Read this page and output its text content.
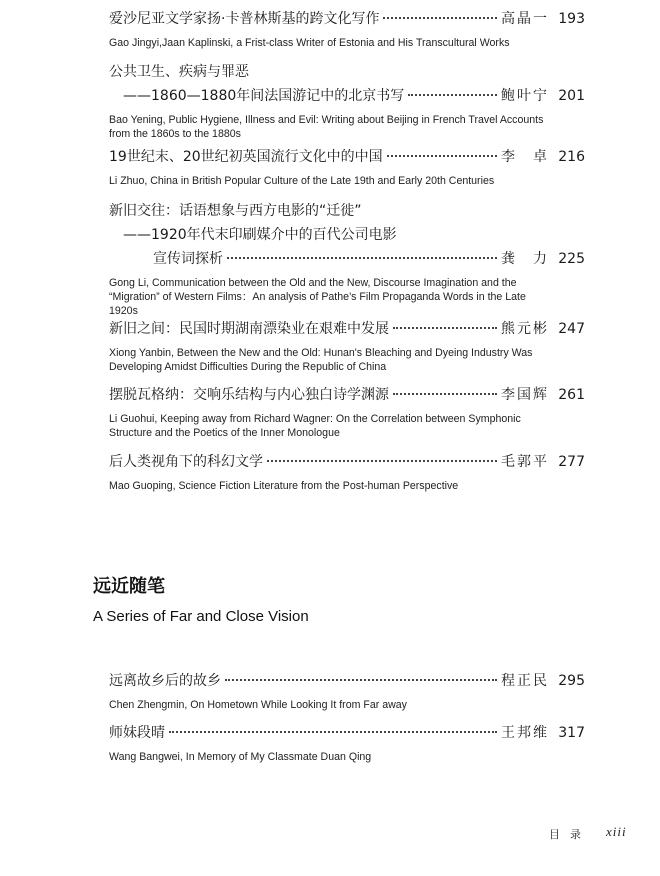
爱沙尼亚文学家扬·卡普林斯基的跨文化写作	高晶一 193
Gao Jingyi,Jaan Kaplinski, a Frist-class Writer of Estonia and His Transcultural Works
公共卫生、疾病与罪恶
——1860—1880年间法国游记中的北京书写	鲍叶宁 201
Bao Yening, Public Hygiene, Illness and Evil: Writing about Beijing in French Travel Accounts from the 1860s to the 1880s
19世纪末、20世纪初英国流行文化中的中国	李 卓 216
Li Zhuo, China in British Popular Culture of the Late 19th and Early 20th Centuries
新旧交往：话语想象与西方电影的“迁徙”
——1920年代末印刷媒介中的百代公司电影
宣传词探析	龚 力 225
Gong Li, Communication between the Old and the New, Discourse Imagination and the “Migration” of Western Films：An analysis of Pathe’s Film Propaganda Words in the Late 1920s
新旧之间：民国时期湖南漂染业在艰难中发展	熊元彬 247
Xiong Yanbin, Between the New and the Old: Hunan's Bleaching and Dyeing Industry Was Developing Amidst Difficulties During the Republic of China
摆脱瓦格纳：交响乐结构与内心独白诗学渊源	李国辉 261
Li Guohui, Keeping away from Richard Wagner: On the Correlation between Symphonic Structure and the Poetics of the Inner Monologue
后人类视角下的科幻文学	毛郭平 277
Mao Guoping, Science Fiction Literature from the Post-human Perspective
远近随笔
A Series of Far and Close Vision
远离故乡后的故乡	程正民 295
Chen Zhengmin, On Hometown While Looking It from Far away
师妹段晴	王邦维 317
Wang Bangwei, In Memory of My Classmate Duan Qing
目录 xiii
